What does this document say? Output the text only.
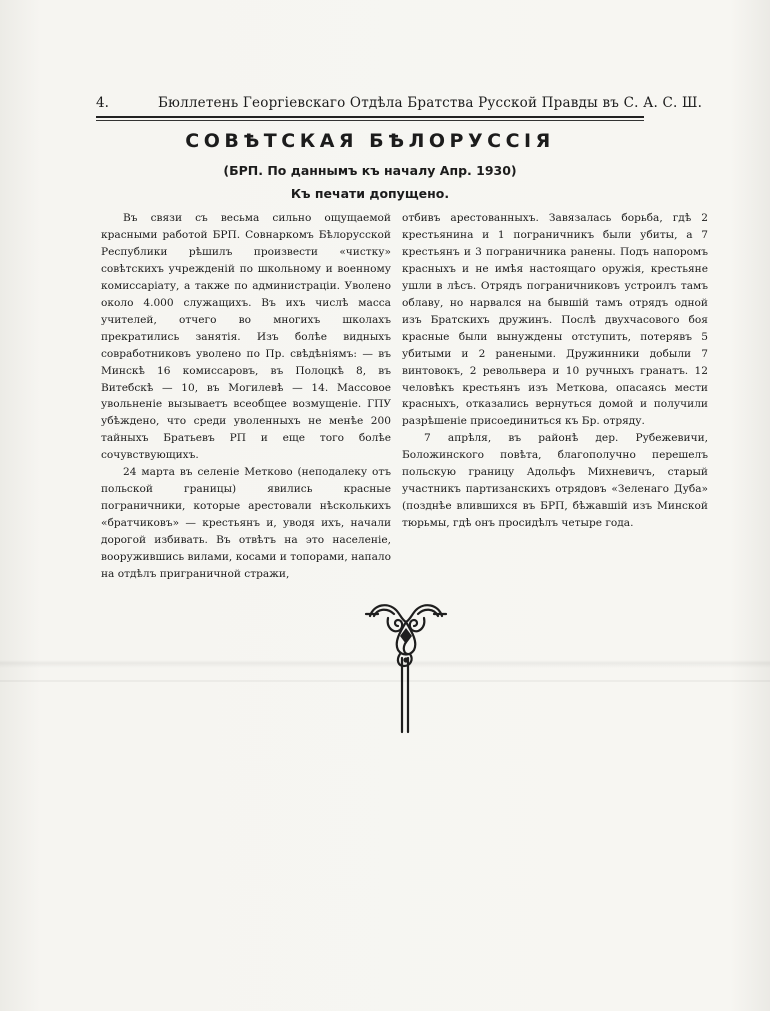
4.	Бюллетень Георгіевскаго Отдѣла Братства Русской Правды въ С. А. С. Ш.
СОВѢТСКАЯ БѢЛОРУССІЯ
(БРП. По даннымъ къ началу Апр. 1930)
Къ печати допущено.

Въ связи съ весьма сильно ощущаемой красными работой БРП. Совнаркомъ Бѣлорусской Республики рѣшилъ произвести «чистку» совѣтскихъ учрежденій по школьному и военному комиссаріату, а также по администраціи. Уволено около 4.000 служащихъ. Въ ихъ числѣ масса учителей, отчего во многихъ школахъ прекратились занятія. Изъ болѣе видныхъ совработниковъ уволено по Пр. свѣдѣніямъ: — въ Минскѣ 16 комиссаровъ, въ Полоцкѣ 8, въ Витебскѣ — 10, въ Могилевѣ — 14. Массовое увольненіе вызываетъ всеобщее возмущеніе. ГПУ убѣждено, что среди уволенныхъ не менѣе 200 тайныхъ Братьевъ РП и еще того болѣе сочувствующихъ.

24 марта въ селеніе Метково (неподалеку отъ польской границы) явились красные пограничники, которые арестовали нѣсколькихъ «братчиковъ» — крестьянъ и, уводя ихъ, начали дорогой избивать. Въ отвѣтъ на это населеніе, вооружившись вилами, косами и топорами, напало на отдѣлъ приграничной стражи,

отбивъ арестованныхъ. Завязалась борьба, гдѣ 2 крестьянина и 1 пограничникъ были убиты, а 7 крестьянъ и 3 пограничника ранены. Подъ напоромъ красныхъ и не имѣя настоящаго оружія, крестьяне ушли в лѣсъ. Отрядъ пограничниковъ устроилъ тамъ облаву, но нарвался на бывшій тамъ отрядъ одной изъ Братскихъ дружинъ. Послѣ двухчасового боя красные были вынуждены отступить, потерявъ 5 убитыми и 2 ранеными. Дружинники добыли 7 винтовокъ, 2 револьвера и 10 ручныхъ гранатъ. 12 человѣкъ крестьянъ изъ Меткова, опасаясь мести красныхъ, отказались вернуться домой и получили разрѣшеніе присоединиться къ Бр. отряду.

7 апрѣля, въ районѣ дер. Рубежевичи, Боложинского повѣта, благополучно перешелъ польскую границу Адольфъ Михневичъ, старый участникъ партизанскихъ отрядовъ «Зеленаго Дуба» (позднѣе влившихся въ БРП, бѣжавшій изъ Минской тюрьмы, гдѣ онъ просидѣлъ четыре года.
